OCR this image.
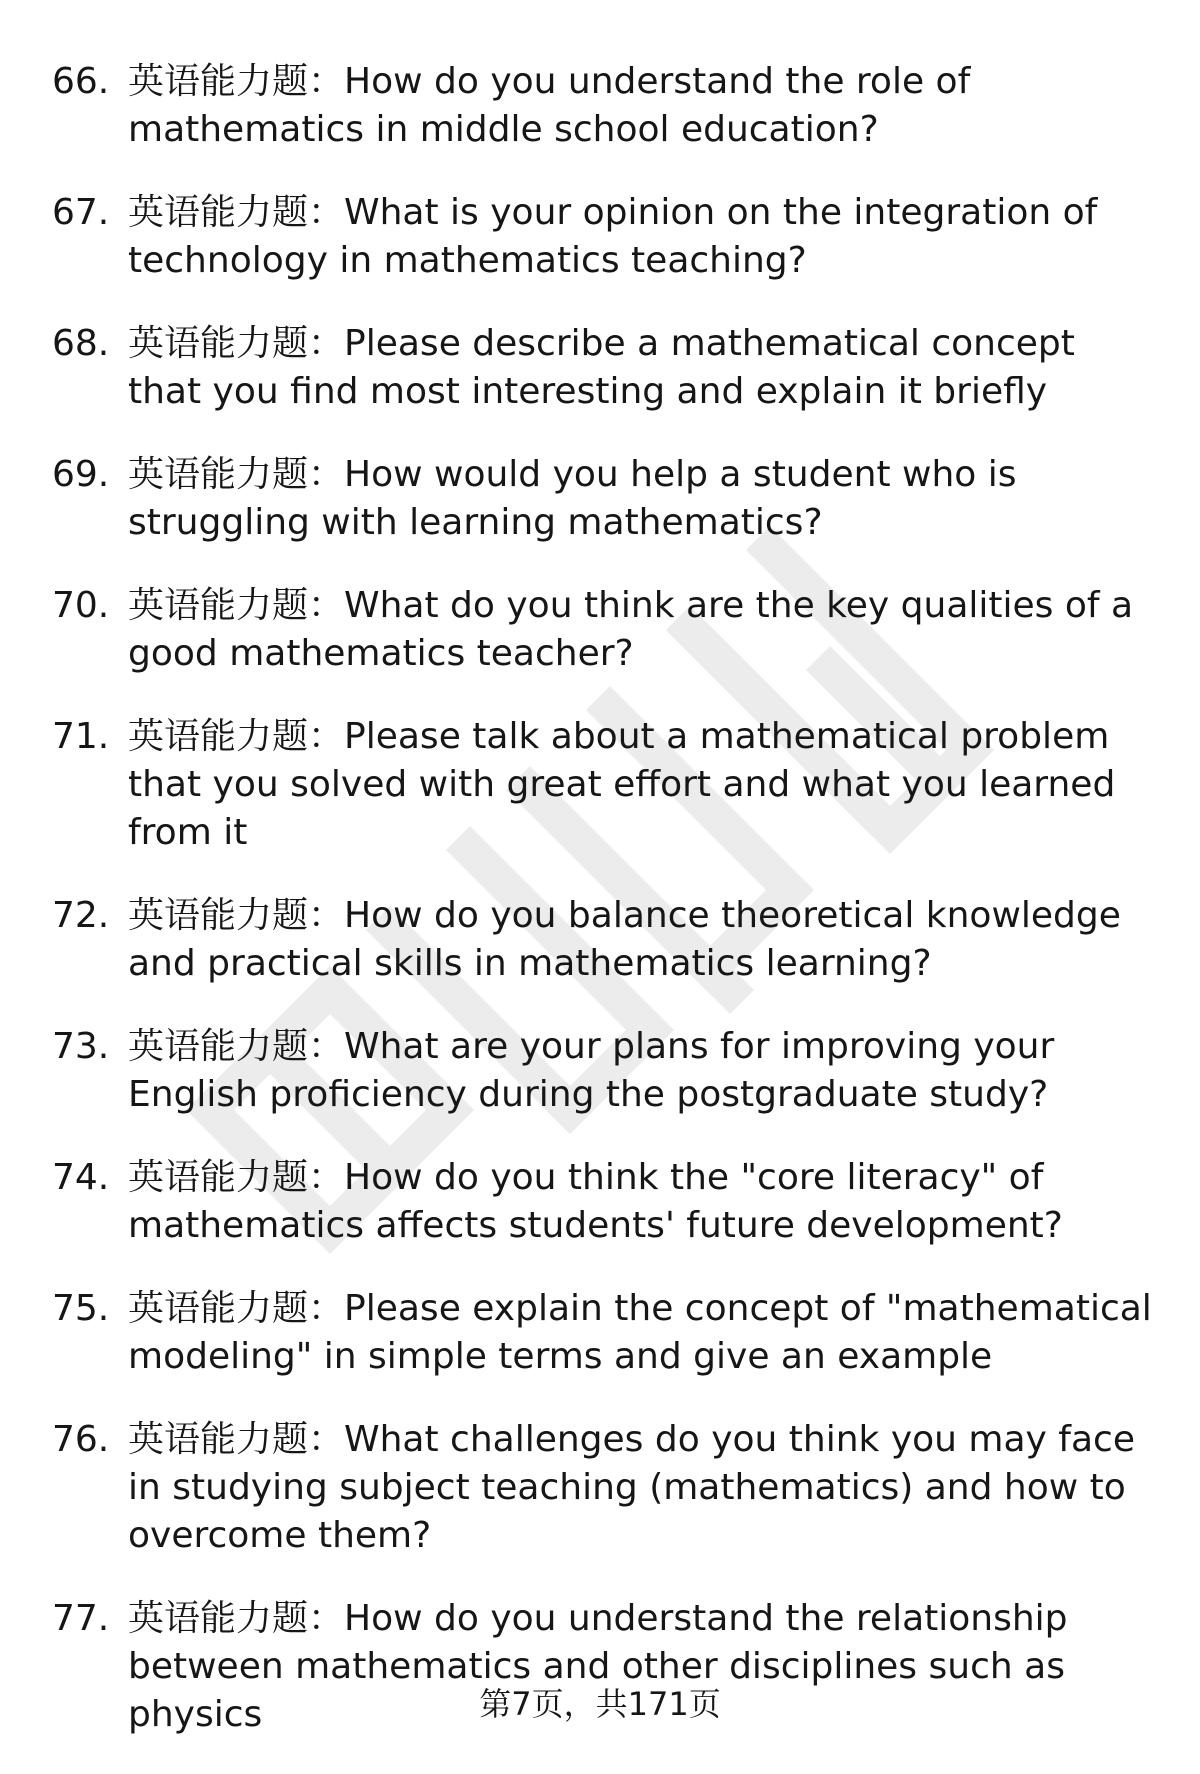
66. 英语能力题：How do you understand the role of mathematics in middle school education?
67. 英语能力题：What is your opinion on the integration of technology in mathematics teaching?
68. 英语能力题：Please describe a mathematical concept that you find most interesting and explain it briefly
69. 英语能力题：How would you help a student who is struggling with learning mathematics?
70. 英语能力题：What do you think are the key qualities of a good mathematics teacher?
71. 英语能力题：Please talk about a mathematical problem that you solved with great effort and what you learned from it
72. 英语能力题：How do you balance theoretical knowledge and practical skills in mathematics learning?
73. 英语能力题：What are your plans for improving your English proficiency during the postgraduate study?
74. 英语能力题：How do you think the "core literacy" of mathematics affects students' future development?
75. 英语能力题：Please explain the concept of "mathematical modeling" in simple terms and give an example
76. 英语能力题：What challenges do you think you may face in studying subject teaching (mathematics) and how to overcome them?
77. 英语能力题：How do you understand the relationship between mathematics and other disciplines such as physics	第7页，共171页
